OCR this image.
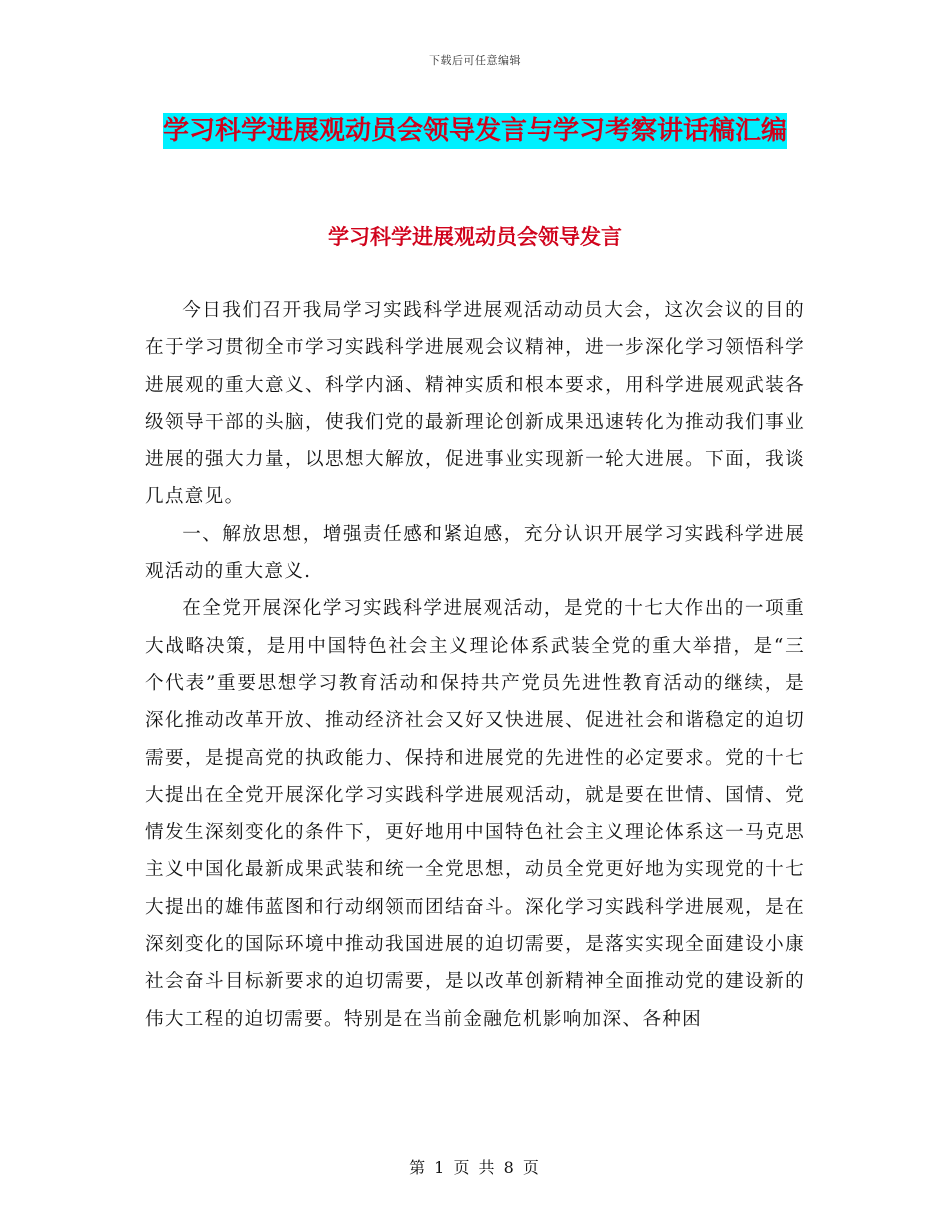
下载后可任意编辑
学习科学进展观动员会领导发言与学习考察讲话稿汇编
学习科学进展观动员会领导发言

今日我们召开我局学习实践科学进展观活动动员大会，这次会议的目的在于学习贯彻全市学习实践科学进展观会议精神，进一步深化学习领悟科学进展观的重大意义、科学内涵、精神实质和根本要求，用科学进展观武装各级领导干部的头脑，使我们党的最新理论创新成果迅速转化为推动我们事业进展的强大力量，以思想大解放，促进事业实现新一轮大进展。下面，我谈几点意见。

一、解放思想，增强责任感和紧迫感，充分认识开展学习实践科学进展观活动的重大意义.

在全党开展深化学习实践科学进展观活动，是党的十七大作出的一项重大战略决策，是用中国特色社会主义理论体系武装全党的重大举措，是“三个代表”重要思想学习教育活动和保持共产党员先进性教育活动的继续，是深化推动改革开放、推动经济社会又好又快进展、促进社会和谐稳定的迫切需要，是提高党的执政能力、保持和进展党的先进性的必定要求。党的十七大提出在全党开展深化学习实践科学进展观活动，就是要在世情、国情、党情发生深刻变化的条件下，更好地用中国特色社会主义理论体系这一马克思主义中国化最新成果武装和统一全党思想，动员全党更好地为实现党的十七大提出的雄伟蓝图和行动纲领而团结奋斗。深化学习实践科学进展观，是在深刻变化的国际环境中推动我国进展的迫切需要，是落实实现全面建设小康社会奋斗目标新要求的迫切需要，是以改革创新精神全面推动党的建设新的伟大工程的迫切需要。特别是在当前金融危机影响加深、各种困

第 1 页 共 8 页
